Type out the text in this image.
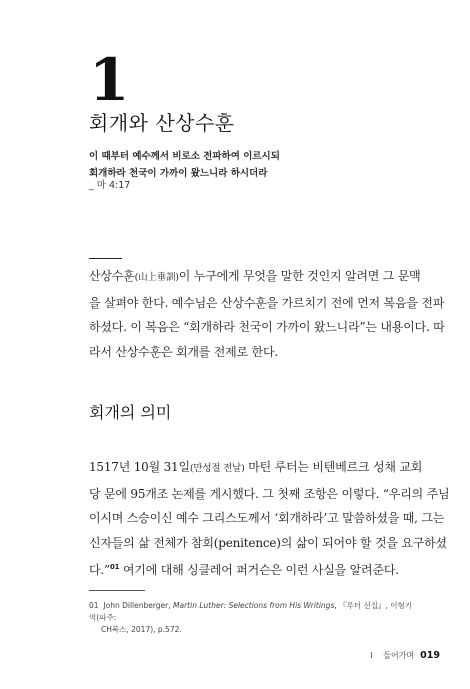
1
회개와 산상수훈
이 때부터 예수께서 비로소 전파하여 이르시되
회개하라 천국이 가까이 왔느니라 하시더라
_ 마 4:17
산상수훈(山上垂訓)이 누구에게 무엇을 말한 것인지 알려면 그 문맥
을 살펴야 한다. 예수님은 산상수훈을 가르치기 전에 먼저 복음을 전파
하셨다. 이 복음은 “회개하라 천국이 가까이 왔느니라”는 내용이다. 따
라서 산상수훈은 회개를 전제로 한다.
회개의 의미
1517년 10월 31일(만성절 전날) 마틴 루터는 비텐베르크 성채 교회
당 문에 95개조 논제를 게시했다. 그 첫째 조항은 이렇다. “우리의 주님
이시며 스승이신 예수 그리스도께서 ‘회개하라’고 말씀하셨을 때, 그는
신자들의 삶 전체가 참회(penitence)의 삶이 되어야 할 것을 요구하셨
다.”$^{01}$ 여기에 대해 싱클레어 퍼거슨은 이런 사실을 알려준다.
01 John Dillenberger, Martin Luther: Selections from His Writings, 『루터 선집』, 이형기 역(파주:
CH북스, 2017), p.572.
I 들어가며 019
